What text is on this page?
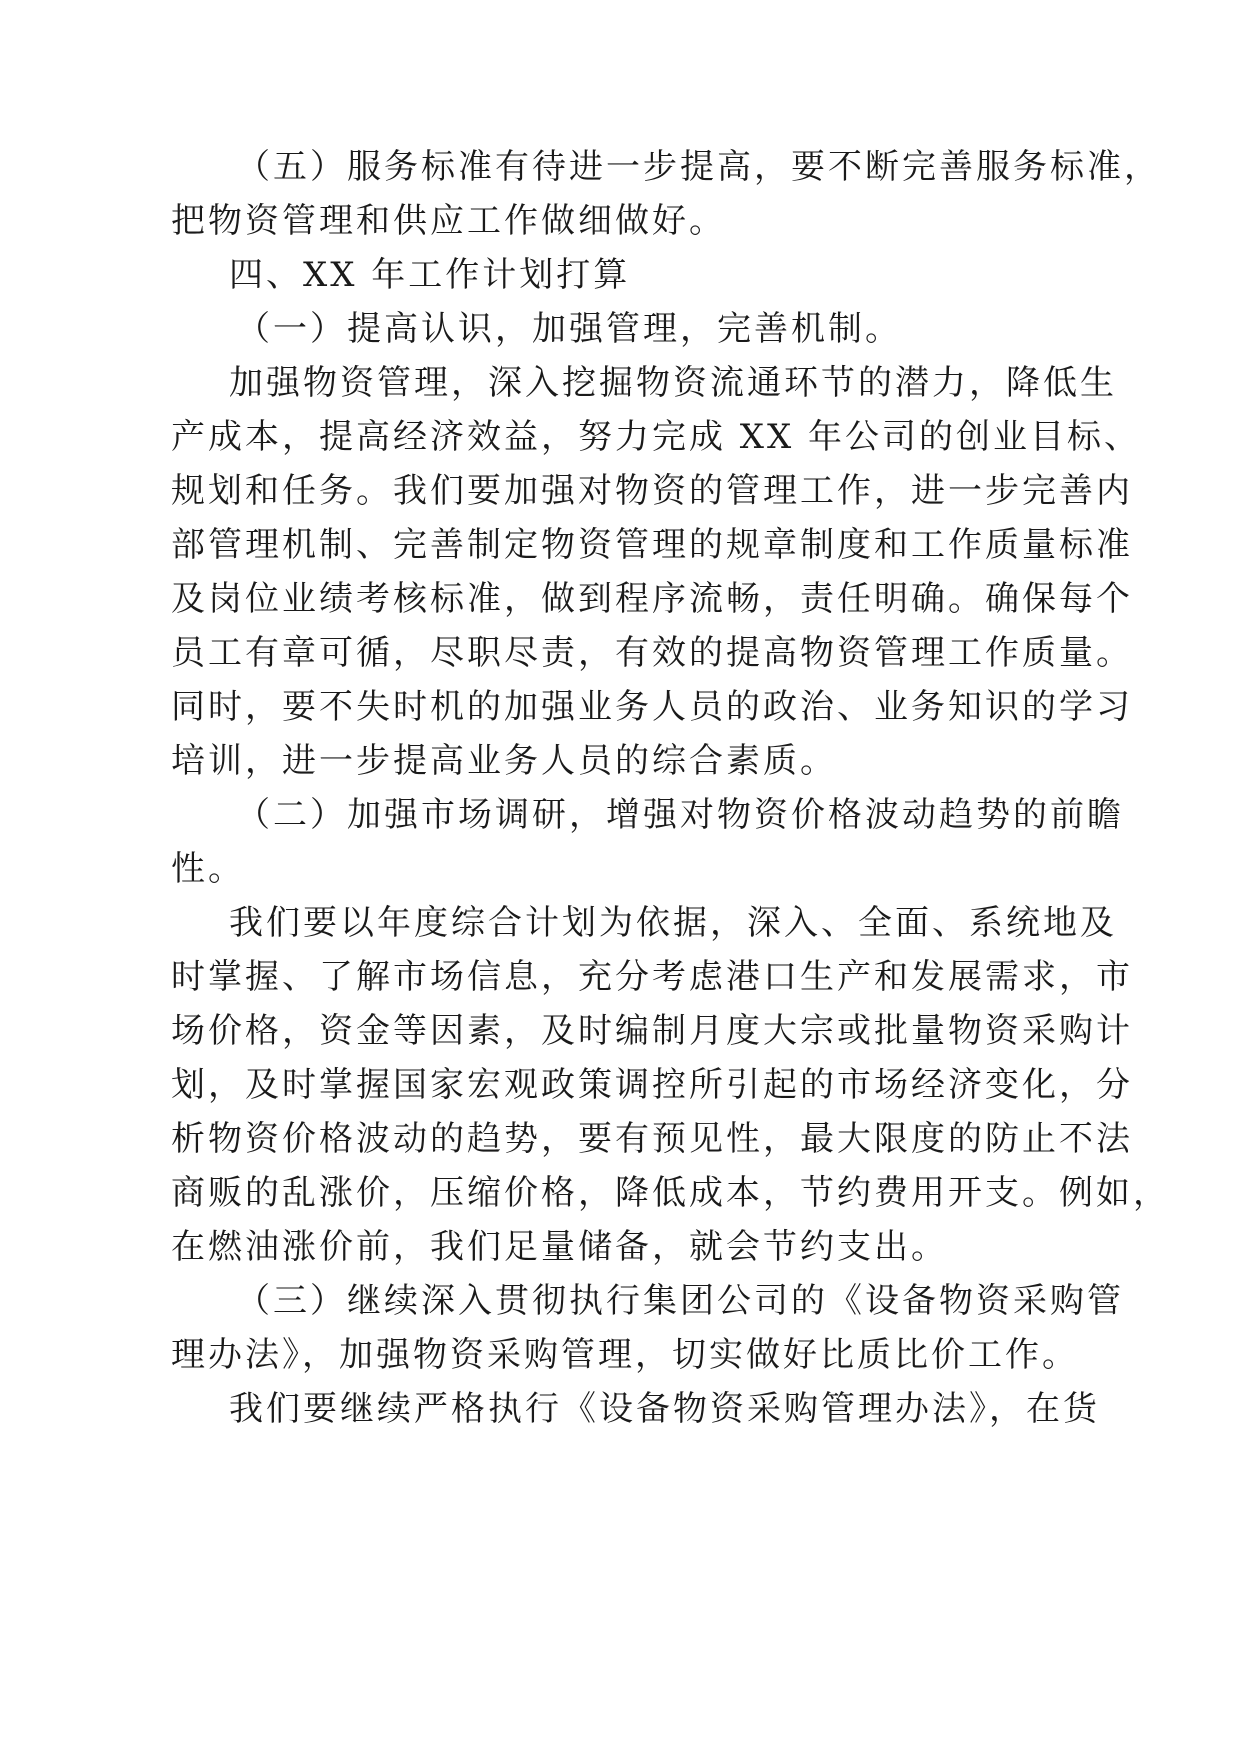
（五）服务标准有待进一步提高，要不断完善服务标准，
把物资管理和供应工作做细做好。
四、XX 年工作计划打算
（一）提高认识，加强管理，完善机制。
加强物资管理，深入挖掘物资流通环节的潜力，降低生
产成本，提高经济效益，努力完成 XX 年公司的创业目标、
规划和任务。我们要加强对物资的管理工作，进一步完善内
部管理机制、完善制定物资管理的规章制度和工作质量标准
及岗位业绩考核标准，做到程序流畅，责任明确。确保每个
员工有章可循，尽职尽责，有效的提高物资管理工作质量。
同时，要不失时机的加强业务人员的政治、业务知识的学习
培训，进一步提高业务人员的综合素质。
（二）加强市场调研，增强对物资价格波动趋势的前瞻
性。
我们要以年度综合计划为依据，深入、全面、系统地及
时掌握、了解市场信息，充分考虑港口生产和发展需求，市
场价格，资金等因素，及时编制月度大宗或批量物资采购计
划，及时掌握国家宏观政策调控所引起的市场经济变化，分
析物资价格波动的趋势，要有预见性，最大限度的防止不法
商贩的乱涨价，压缩价格，降低成本，节约费用开支。例如，
在燃油涨价前，我们足量储备，就会节约支出。
（三）继续深入贯彻执行集团公司的《设备物资采购管
理办法》，加强物资采购管理，切实做好比质比价工作。
我们要继续严格执行《设备物资采购管理办法》，在货
